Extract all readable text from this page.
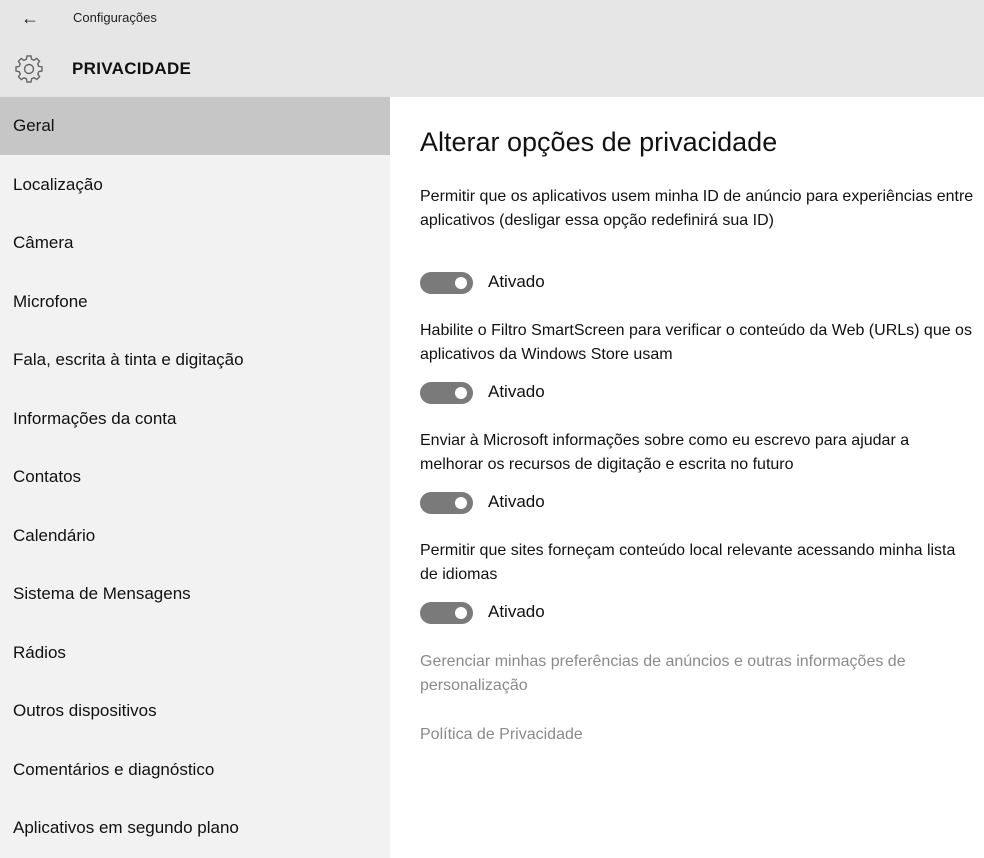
←	Configurações
PRIVACIDADE
Geral
Localização
Câmera
Microfone
Fala, escrita à tinta e digitação
Informações da conta
Contatos
Calendário
Sistema de Mensagens
Rádios
Outros dispositivos
Comentários e diagnóstico
Aplicativos em segundo plano
Alterar opções de privacidade
Permitir que os aplicativos usem minha ID de anúncio para experiências entre aplicativos (desligar essa opção redefinirá sua ID)
Ativado
Habilite o Filtro SmartScreen para verificar o conteúdo da Web (URLs) que os aplicativos da Windows Store usam
Ativado
Enviar à Microsoft informações sobre como eu escrevo para ajudar a melhorar os recursos de digitação e escrita no futuro
Ativado
Permitir que sites forneçam conteúdo local relevante acessando minha lista de idiomas
Ativado
Gerenciar minhas preferências de anúncios e outras informações de personalização
Política de Privacidade
